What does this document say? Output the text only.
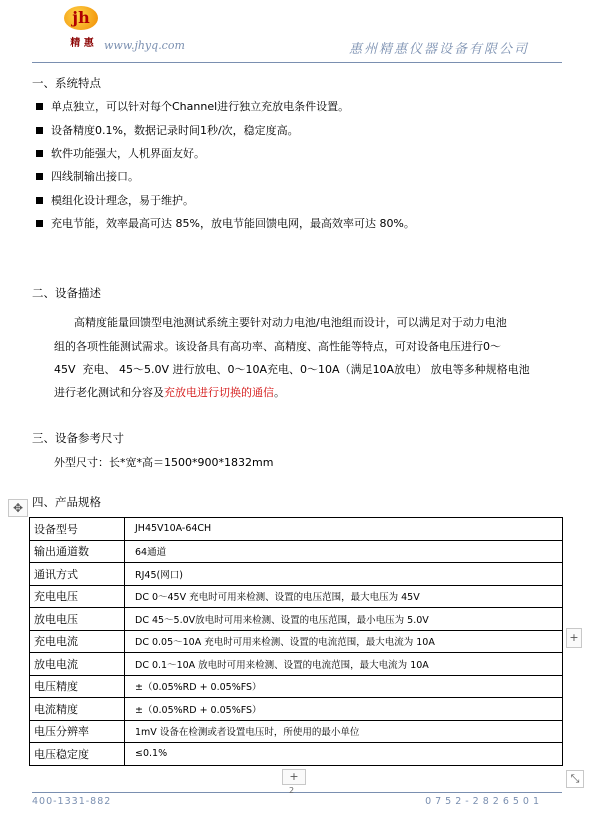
jh
精 惠 www.jhyq.com	惠州精惠仪器设备有限公司
一、系统特点
单点独立，可以针对每个Channel进行独立充放电条件设置。
设备精度0.1%，数据记录时间1秒/次，稳定度高。
软件功能强大，人机界面友好。
四线制输出接口。
模组化设计理念，易于维护。
充电节能，效率最高可达 85%，放电节能回馈电网，最高效率可达 80%。
二、设备描述
高精度能量回馈型电池测试系统主要针对动力电池/电池组而设计，可以满足对于动力电池
组的各项性能测试需求。该设备具有高功率、高精度、高性能等特点，可对设备电压进行0～
45V  充电、 45～5.0V 进行放电、0～10A充电、0～10A（满足10A放电） 放电等多种规格电池
进行老化测试和分容及充放电进行切换的通信。
三、设备参考尺寸
外型尺寸：长*宽*高＝1500*900*1832mm
✥ 四、产品规格
设备型号	JH45V10A-64CH
输出通道数	64通道
通讯方式	RJ45(网口)
充电电压	DC 0～45V 充电时可用来检测、设置的电压范围，最大电压为 45V
放电电压	DC 45～5.0V放电时可用来检测、设置的电压范围，最小电压为 5.0V
充电电流	DC 0.05～10A 充电时可用来检测、设置的电流范围，最大电流为 10A
放电电流	DC 0.1～10A 放电时可用来检测、设置的电流范围，最大电流为 10A
电压精度	±（0.05%RD + 0.05%FS）
电流精度	±（0.05%RD + 0.05%FS）
电压分辨率	1mV 设备在检测或者设置电压时，所使用的最小单位
电压稳定度	≤0.1%
+
+	⤡
400-1331-882
2
0752-2826501
